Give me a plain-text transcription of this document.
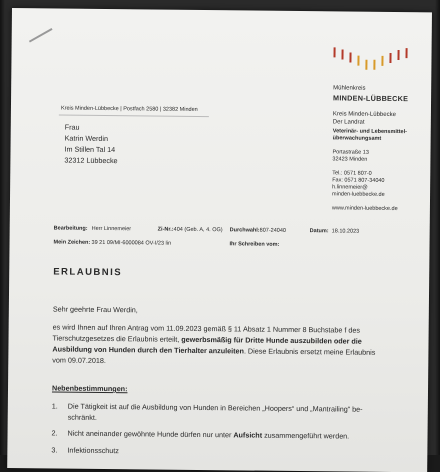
Mühlenkreis
MINDEN-LÜBBECKE
Kreis Minden-Lübbecke
Der Landrat
Veterinär- und Lebensmittel-
überwachungsamt
Portastraße 13
32423 Minden
Tel.: 0571 807-0
Fax: 0571 807-34040
h.linnemeier@
minden-luebbecke.de
www.minden-luebbecke.de
Kreis Minden-Lübbecke | Postfach 2580 | 32382 Minden
Frau
Katrin Werdin
Im Stillen Tal 14
32312 Lübbecke
Bearbeitung: Herr Linnemeier	Zi-Nr.: 404 (Geb. A, 4. OG) Durchwahl: 807-24040	Datum: 18.10.2023
Mein Zeichen: 39 21 09/MI-6000084 OV-I/23 lin	Ihr Schreiben vom:
ERLAUBNIS
Sehr geehrte Frau Werdin,
es wird Ihnen auf Ihren Antrag vom 11.09.2023 gemäß § 11 Absatz 1 Nummer 8 Buchstabe f des
Tierschutzgesetzes die Erlaubnis erteilt, gewerbsmäßig für Dritte Hunde auszubilden oder die
Ausbildung von Hunden durch den Tierhalter anzuleiten. Diese Erlaubnis ersetzt meine Erlaubnis
vom 09.07.2018.
Nebenbestimmungen:
1. Die Tätigkeit ist auf die Ausbildung von Hunden in Bereichen „Hoopers“ und „Mantrailing“ be-
schränkt.
2. Nicht aneinander gewöhnte Hunde dürfen nur unter Aufsicht zusammengeführt werden.
3. Infektionsschutz
